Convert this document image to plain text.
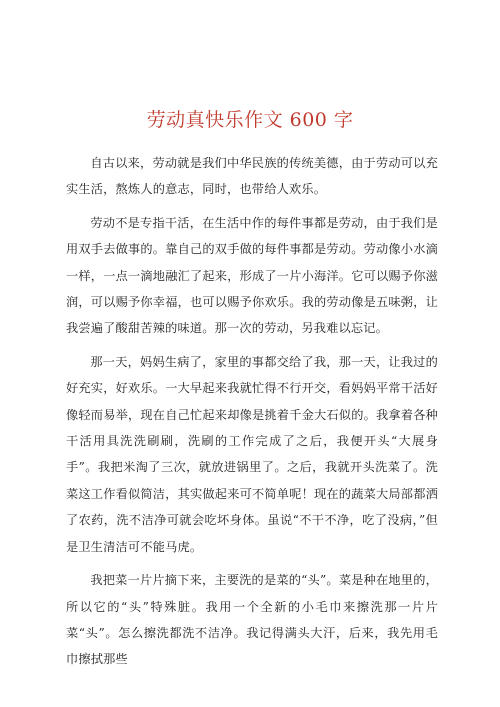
劳动真快乐作文 600 字

自古以来，劳动就是我们中华民族的传统美德，由于劳动可以充实生活，熬炼人的意志，同时，也带给人欢乐。

劳动不是专指干活，在生活中作的每件事都是劳动，由于我们是用双手去做事的。靠自己的双手做的每件事都是劳动。劳动像小水滴一样，一点一滴地融汇了起来，形成了一片小海洋。它可以赐予你滋润，可以赐予你幸福，也可以赐予你欢乐。我的劳动像是五味粥，让我尝遍了酸甜苦辣的味道。那一次的劳动，另我难以忘记。

那一天，妈妈生病了，家里的事都交给了我，那一天，让我过的好充实，好欢乐。一大早起来我就忙得不行开交，看妈妈平常干活好像轻而易举，现在自己忙起来却像是挑着千金大石似的。我拿着各种干活用具洗洗刷刷，洗刷的工作完成了之后，我便开头“大展身手”。我把米淘了三次，就放进锅里了。之后，我就开头洗菜了。洗菜这工作看似简洁，其实做起来可不简单呢！现在的蔬菜大局部都洒了农药，洗不洁净可就会吃坏身体。虽说“不干不净，吃了没病，”但是卫生清洁可不能马虎。

我把菜一片片摘下来，主要洗的是菜的“头”。菜是种在地里的，所以它的“头”特殊脏。我用一个全新的小毛巾来擦洗那一片片菜“头”。怎么擦洗都洗不洁净。我记得满头大汗，后来，我先用毛巾擦拭那些
